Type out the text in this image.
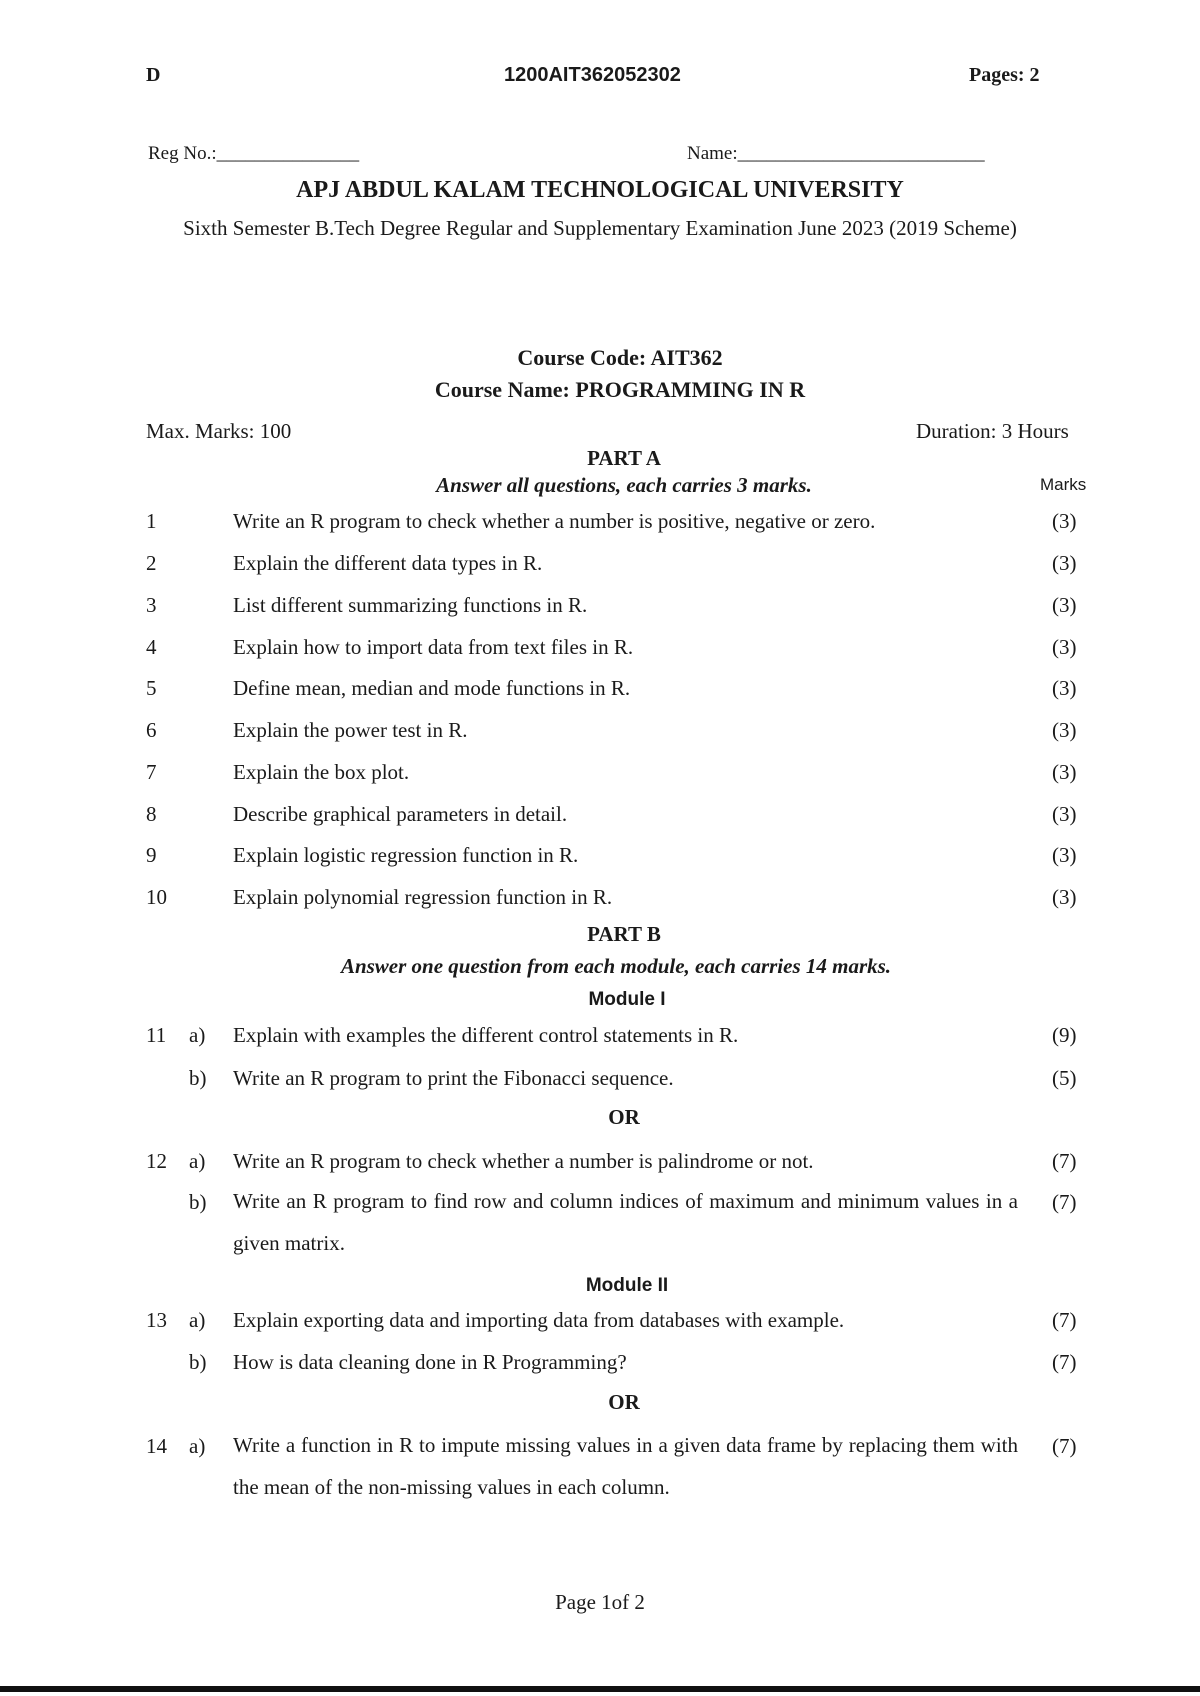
D	1200AIT362052302	Pages: 2
Reg No.:_______________	Name:__________________________
APJ ABDUL KALAM TECHNOLOGICAL UNIVERSITY
Sixth Semester B.Tech Degree Regular and Supplementary Examination June 2023 (2019 Scheme)
Course Code: AIT362
Course Name: PROGRAMMING IN R
Max. Marks: 100	Duration: 3 Hours
PART A
Answer all questions, each carries 3 marks.	Marks
1	Write an R program to check whether a number is positive, negative or zero.	(3)
2	Explain the different data types in R.	(3)
3	List different summarizing functions in R.	(3)
4	Explain how to import data from text files in R.	(3)
5	Define mean, median and mode functions in R.	(3)
6	Explain the power test in R.	(3)
7	Explain the box plot.	(3)
8	Describe graphical parameters in detail.	(3)
9	Explain logistic regression function in R.	(3)
10	Explain polynomial regression function in R.	(3)
PART B
Answer one question from each module, each carries 14 marks.
Module I
11 a) Explain with examples the different control statements in R.	(9)
b) Write an R program to print the Fibonacci sequence.	(5)
OR
12 a) Write an R program to check whether a number is palindrome or not.	(7)
b) Write an R program to find row and column indices of maximum and minimum values in a given matrix.
(7)
Module II
13 a) Explain exporting data and importing data from databases with example.	(7)
b) How is data cleaning done in R Programming?	(7)
OR
14 a) Write a function in R to impute missing values in a given data frame by replacing them with the mean of the non-missing values in each column.
(7)
Page 1of 2
